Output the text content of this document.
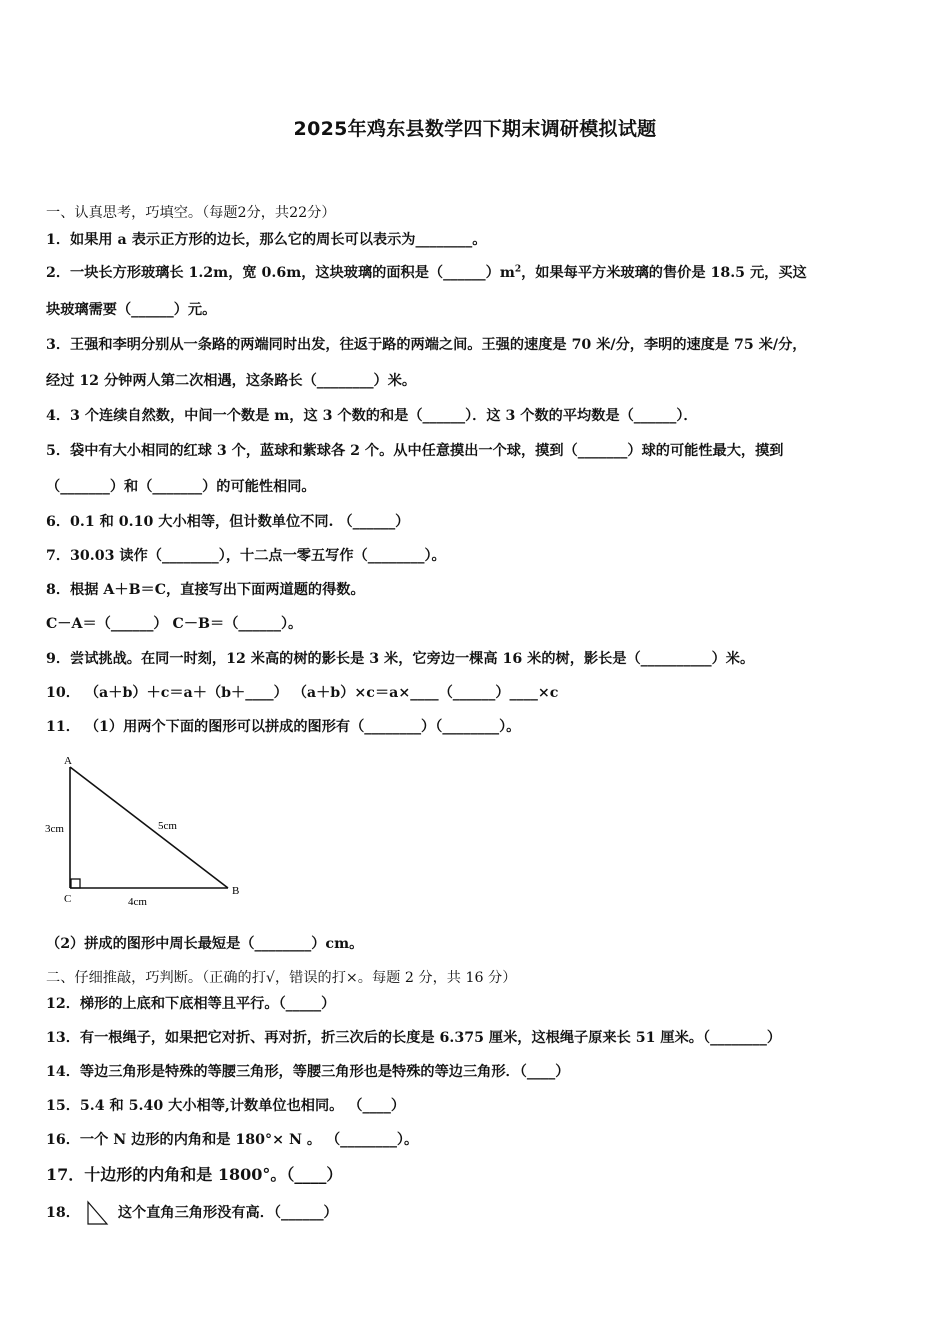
2025年鸡东县数学四下期末调研模拟试题
一、认真思考，巧填空。（每题2分，共22分）
1．如果用 a 表示正方形的边长，那么它的周长可以表示为________。
2．一块长方形玻璃长 1.2m，宽 0.6m，这块玻璃的面积是$(\_\_\_\_\_\_)m^2$，如果每平方米玻璃的售价是 18.5 元，买这
块玻璃需要（______）元。
3．王强和李明分别从一条路的两端同时出发，往返于路的两端之间。王强的速度是 70 米/分，李明的速度是 75 米/分，
经过 12 分钟两人第二次相遇，这条路长（________）米。
4．3 个连续自然数，中间一个数是 m，这 3 个数的和是（______）．这 3 个数的平均数是（______）．
5．袋中有大小相同的红球 3 个，蓝球和紫球各 2 个。从中任意摸出一个球，摸到（_______）球的可能性最大，摸到
（_______）和（_______）的可能性相同。
6．0.1 和 0.10 大小相等，但计数单位不同. （______）
7．30.03 读作（________），十二点一零五写作（________）。
8．根据 A＋B＝C，直接写出下面两道题的得数。
C－A＝（______） C－B＝（______）。
9．尝试挑战。在同一时刻，12 米高的树的影长是 3 米，它旁边一棵高 16 米的树，影长是（__________）米。
10． （a＋b）＋c＝a＋（b＋____） （a＋b）×c＝a×____（______）____×c
11． （1）用两个下面的图形可以拼成的图形有（________）（________）。
A
B
C
3cm	5cm
4cm
（2）拼成的图形中周长最短是（________）cm。
二、仔细推敲，巧判断。（正确的打√，错误的打×。每题 2 分，共 16 分）
12．梯形的上底和下底相等且平行。（_____）
13．有一根绳子，如果把它对折、再对折，折三次后的长度是 6.375 厘米，这根绳子原来长 51 厘米。（________）
14．等边三角形是特殊的等腰三角形，等腰三角形也是特殊的等边三角形．（____）
15．5.4 和 5.40 大小相等,计数单位也相同。 （____）
16．一个 N 边形的内角和是 180°× N 。 （________）。
17．十边形的内角和是 1800°。（____）
18．	这个直角三角形没有高．（______）
